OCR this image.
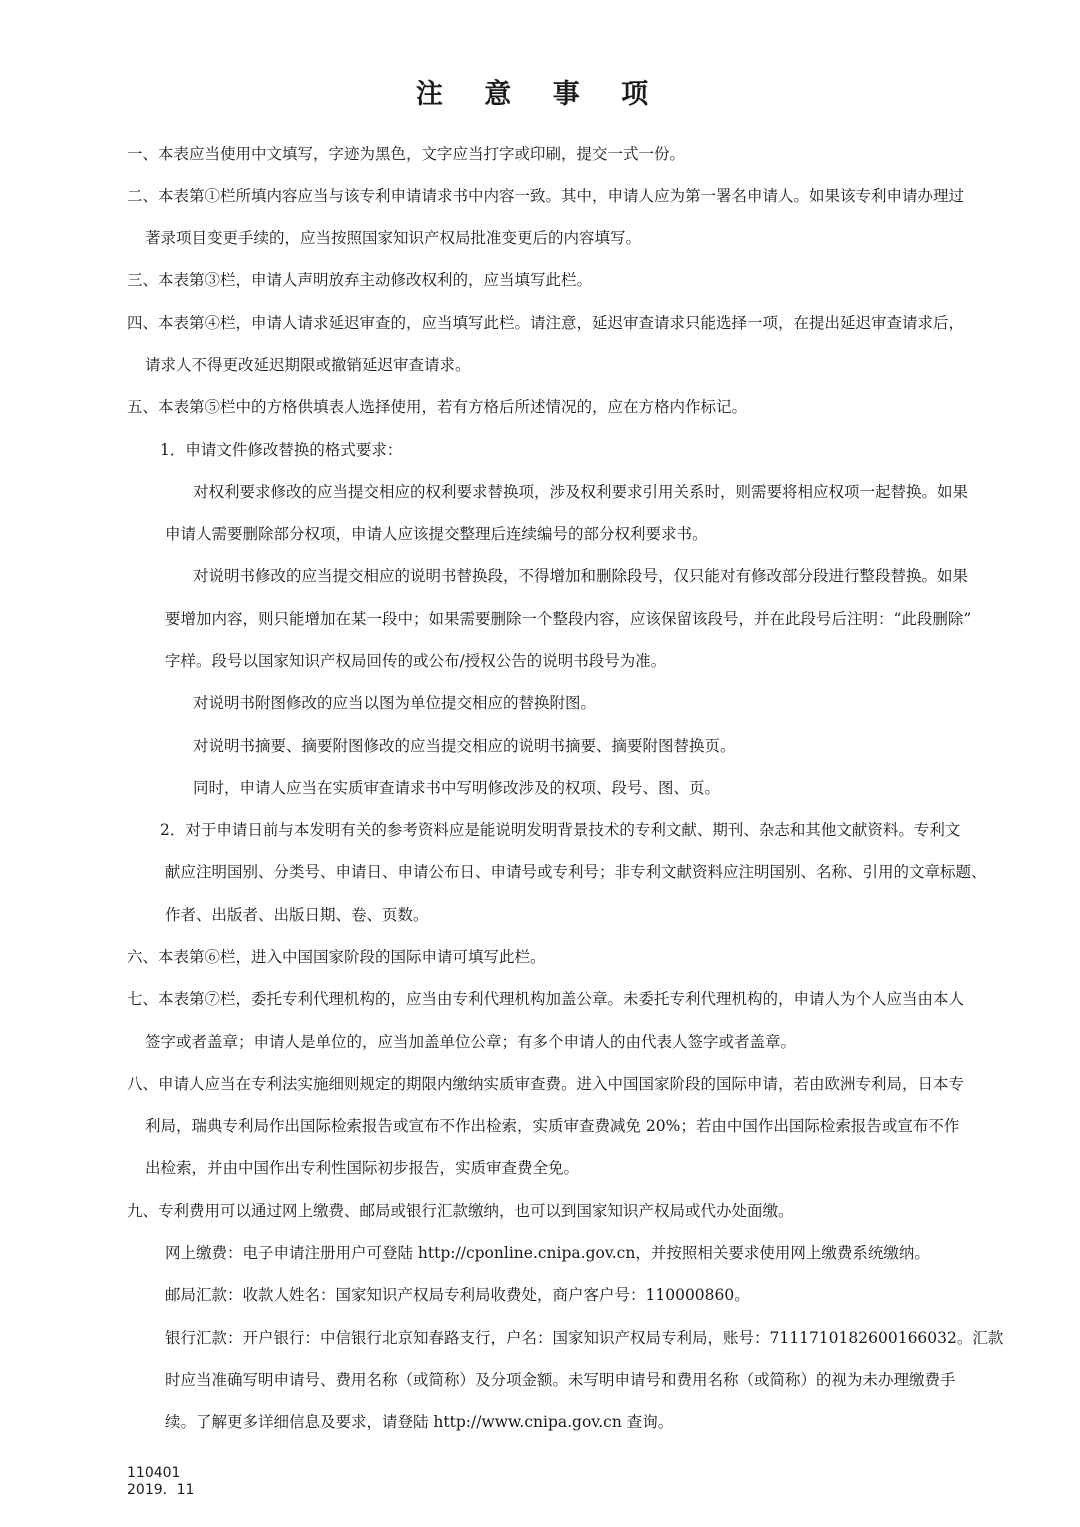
注 意 事 项
一、本表应当使用中文填写，字迹为黑色，文字应当打字或印刷，提交一式一份。
二、本表第①栏所填内容应当与该专利申请请求书中内容一致。其中，申请人应为第一署名申请人。如果该专利申请办理过
著录项目变更手续的，应当按照国家知识产权局批准变更后的内容填写。
三、本表第③栏，申请人声明放弃主动修改权利的，应当填写此栏。
四、本表第④栏，申请人请求延迟审查的，应当填写此栏。请注意，延迟审查请求只能选择一项，在提出延迟审查请求后，
请求人不得更改延迟期限或撤销延迟审查请求。
五、本表第⑤栏中的方格供填表人选择使用，若有方格后所述情况的，应在方格内作标记。
1．申请文件修改替换的格式要求：
对权利要求修改的应当提交相应的权利要求替换项，涉及权利要求引用关系时，则需要将相应权项一起替换。如果
申请人需要删除部分权项，申请人应该提交整理后连续编号的部分权利要求书。
对说明书修改的应当提交相应的说明书替换段，不得增加和删除段号，仅只能对有修改部分段进行整段替换。如果
要增加内容，则只能增加在某一段中；如果需要删除一个整段内容，应该保留该段号，并在此段号后注明：“此段删除”
字样。段号以国家知识产权局回传的或公布/授权公告的说明书段号为准。
对说明书附图修改的应当以图为单位提交相应的替换附图。
对说明书摘要、摘要附图修改的应当提交相应的说明书摘要、摘要附图替换页。
同时，申请人应当在实质审查请求书中写明修改涉及的权项、段号、图、页。
2．对于申请日前与本发明有关的参考资料应是能说明发明背景技术的专利文献、期刊、杂志和其他文献资料。专利文
献应注明国别、分类号、申请日、申请公布日、申请号或专利号；非专利文献资料应注明国别、名称、引用的文章标题、
作者、出版者、出版日期、卷、页数。
六、本表第⑥栏，进入中国国家阶段的国际申请可填写此栏。
七、本表第⑦栏，委托专利代理机构的，应当由专利代理机构加盖公章。未委托专利代理机构的，申请人为个人应当由本人
签字或者盖章；申请人是单位的，应当加盖单位公章；有多个申请人的由代表人签字或者盖章。
八、申请人应当在专利法实施细则规定的期限内缴纳实质审查费。进入中国国家阶段的国际申请，若由欧洲专利局，日本专
利局，瑞典专利局作出国际检索报告或宣布不作出检索，实质审查费减免 20%；若由中国作出国际检索报告或宣布不作
出检索，并由中国作出专利性国际初步报告，实质审查费全免。
九、专利费用可以通过网上缴费、邮局或银行汇款缴纳，也可以到国家知识产权局或代办处面缴。
网上缴费：电子申请注册用户可登陆 http://cponline.cnipa.gov.cn，并按照相关要求使用网上缴费系统缴纳。
邮局汇款：收款人姓名：国家知识产权局专利局收费处，商户客户号：110000860。
银行汇款：开户银行：中信银行北京知春路支行，户名：国家知识产权局专利局，账号：7111710182600166032。汇款
时应当准确写明申请号、费用名称（或简称）及分项金额。未写明申请号和费用名称（或简称）的视为未办理缴费手
续。了解更多详细信息及要求，请登陆 http://www.cnipa.gov.cn 查询。
110401
2019．11
